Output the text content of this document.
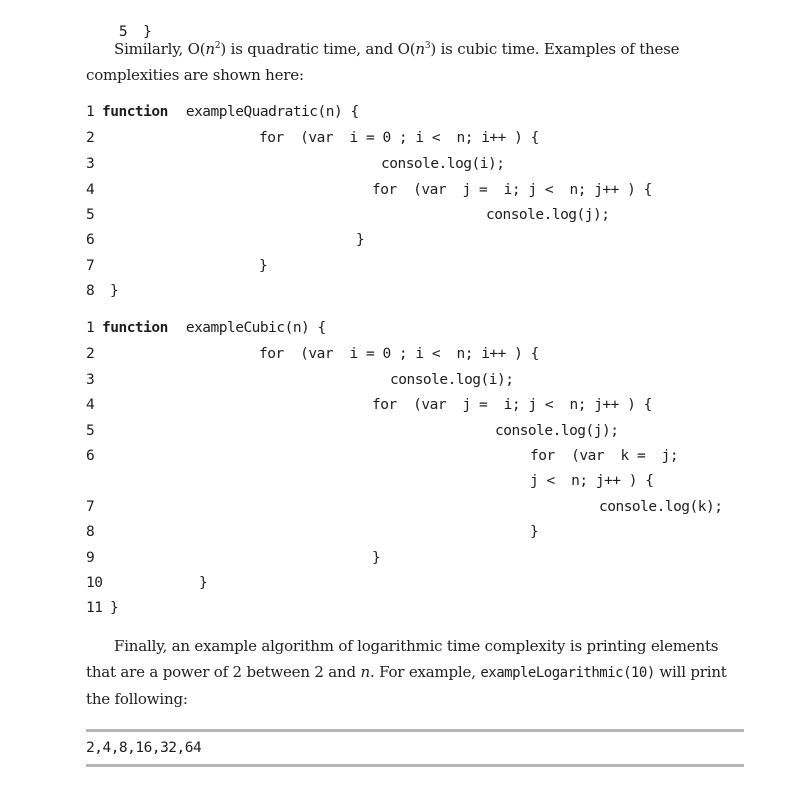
5 }

Similarly, $O(n^2)$ is quadratic time, and $O(n^3)$ is cubic time. Examples of these complexities are shown here:
1 function exampleQuadratic(n) {
2	for  (var  i = 0 ; i <  n; i++ ) {
3	console.log(i);
4	for  (var  j =  i; j <  n; j++ ) {
5	console.log(j);
6	}
7	}
8 }
1 function exampleCubic(n) {
2	for  (var  i = 0 ; i <  n; i++ ) {
3	console.log(i);
4	for  (var  j =  i; j <  n; j++ ) {
5	console.log(j);
6	for  (var  k =  j;
j <  n; j++ ) {
7	console.log(k);
8	}
9	}
10	}
11 }
Finally, an example algorithm of logarithmic time complexity is printing elements that are a power of 2 between 2 and n. For example, exampleLogarithmic(10) will print the following:
2,4,8,16,32,64
